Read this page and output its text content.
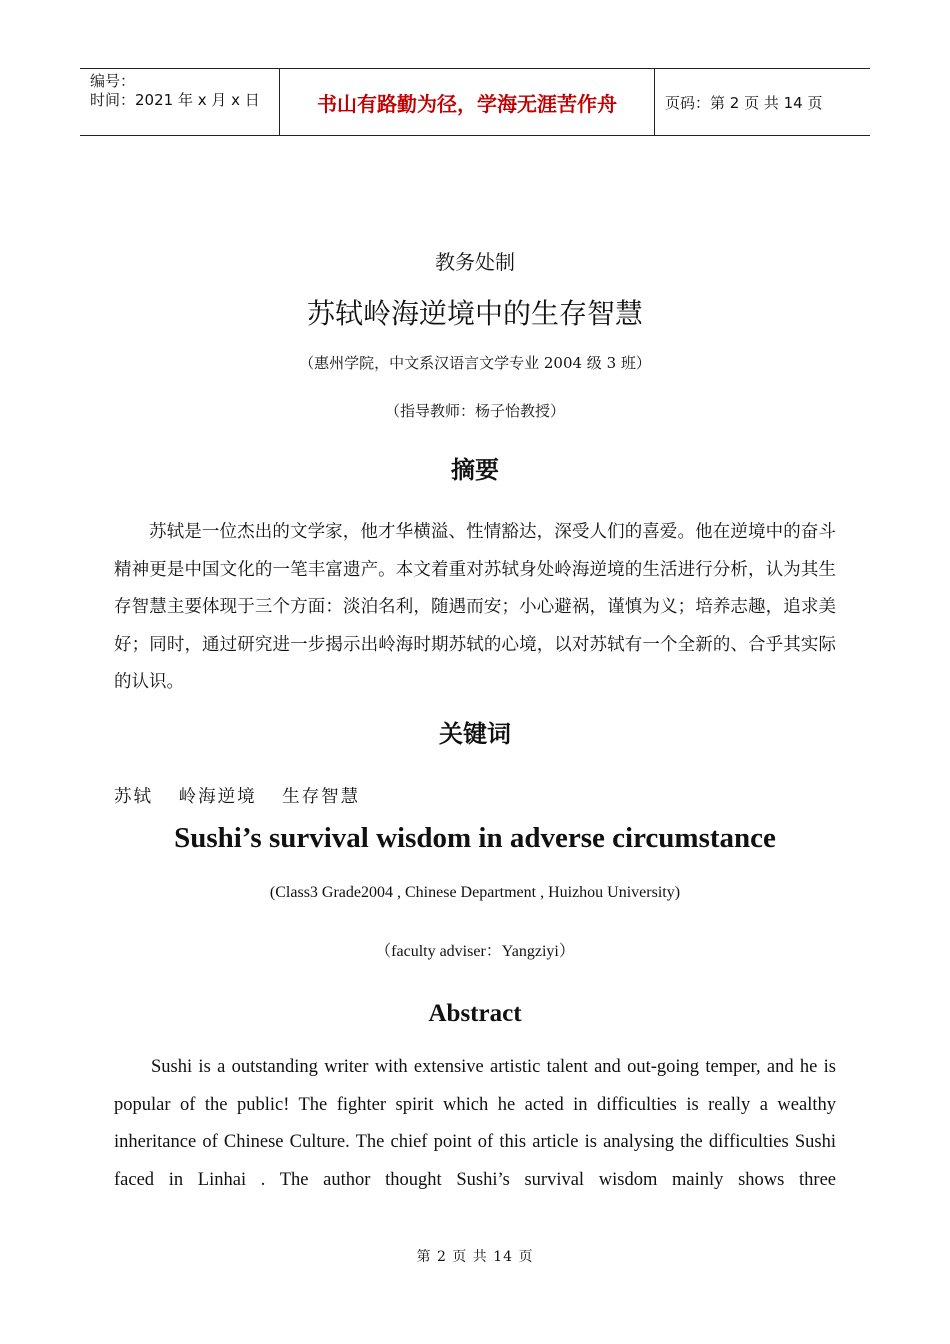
编号：
时间：2021 年 x 月 x 日	书山有路勤为径，学海无涯苦作舟	页码：第 2 页 共 14 页
教务处制
苏轼岭海逆境中的生存智慧
（惠州学院，中文系汉语言文学专业 2004 级 3 班）
（指导教师：杨子怡教授）
摘要

苏轼是一位杰出的文学家，他才华横溢、性情豁达，深受人们的喜爱。他在逆境中的奋斗精神更是中国文化的一笔丰富遗产。本文着重对苏轼身处岭海逆境的生活进行分析，认为其生存智慧主要体现于三个方面：淡泊名利，随遇而安；小心避祸，谨慎为义；培养志趣，追求美好；同时，通过研究进一步揭示出岭海时期苏轼的心境，以对苏轼有一个全新的、合乎其实际的认识。

关键词
苏轼 岭海逆境 生存智慧
Sushi’s survival wisdom in adverse circumstance
(Class3 Grade2004 , Chinese Department , Huizhou University)
（faculty adviser：Yangziyi）
Abstract

Sushi is a outstanding writer with extensive artistic talent and out-going temper, and he is popular of the public! The fighter spirit which he acted in difficulties is really a wealthy inheritance of Chinese Culture. The chief point of this article is analysing the difficulties Sushi faced in Linhai . The author thought Sushi’s survival wisdom mainly shows three

第 2 页 共 14 页
